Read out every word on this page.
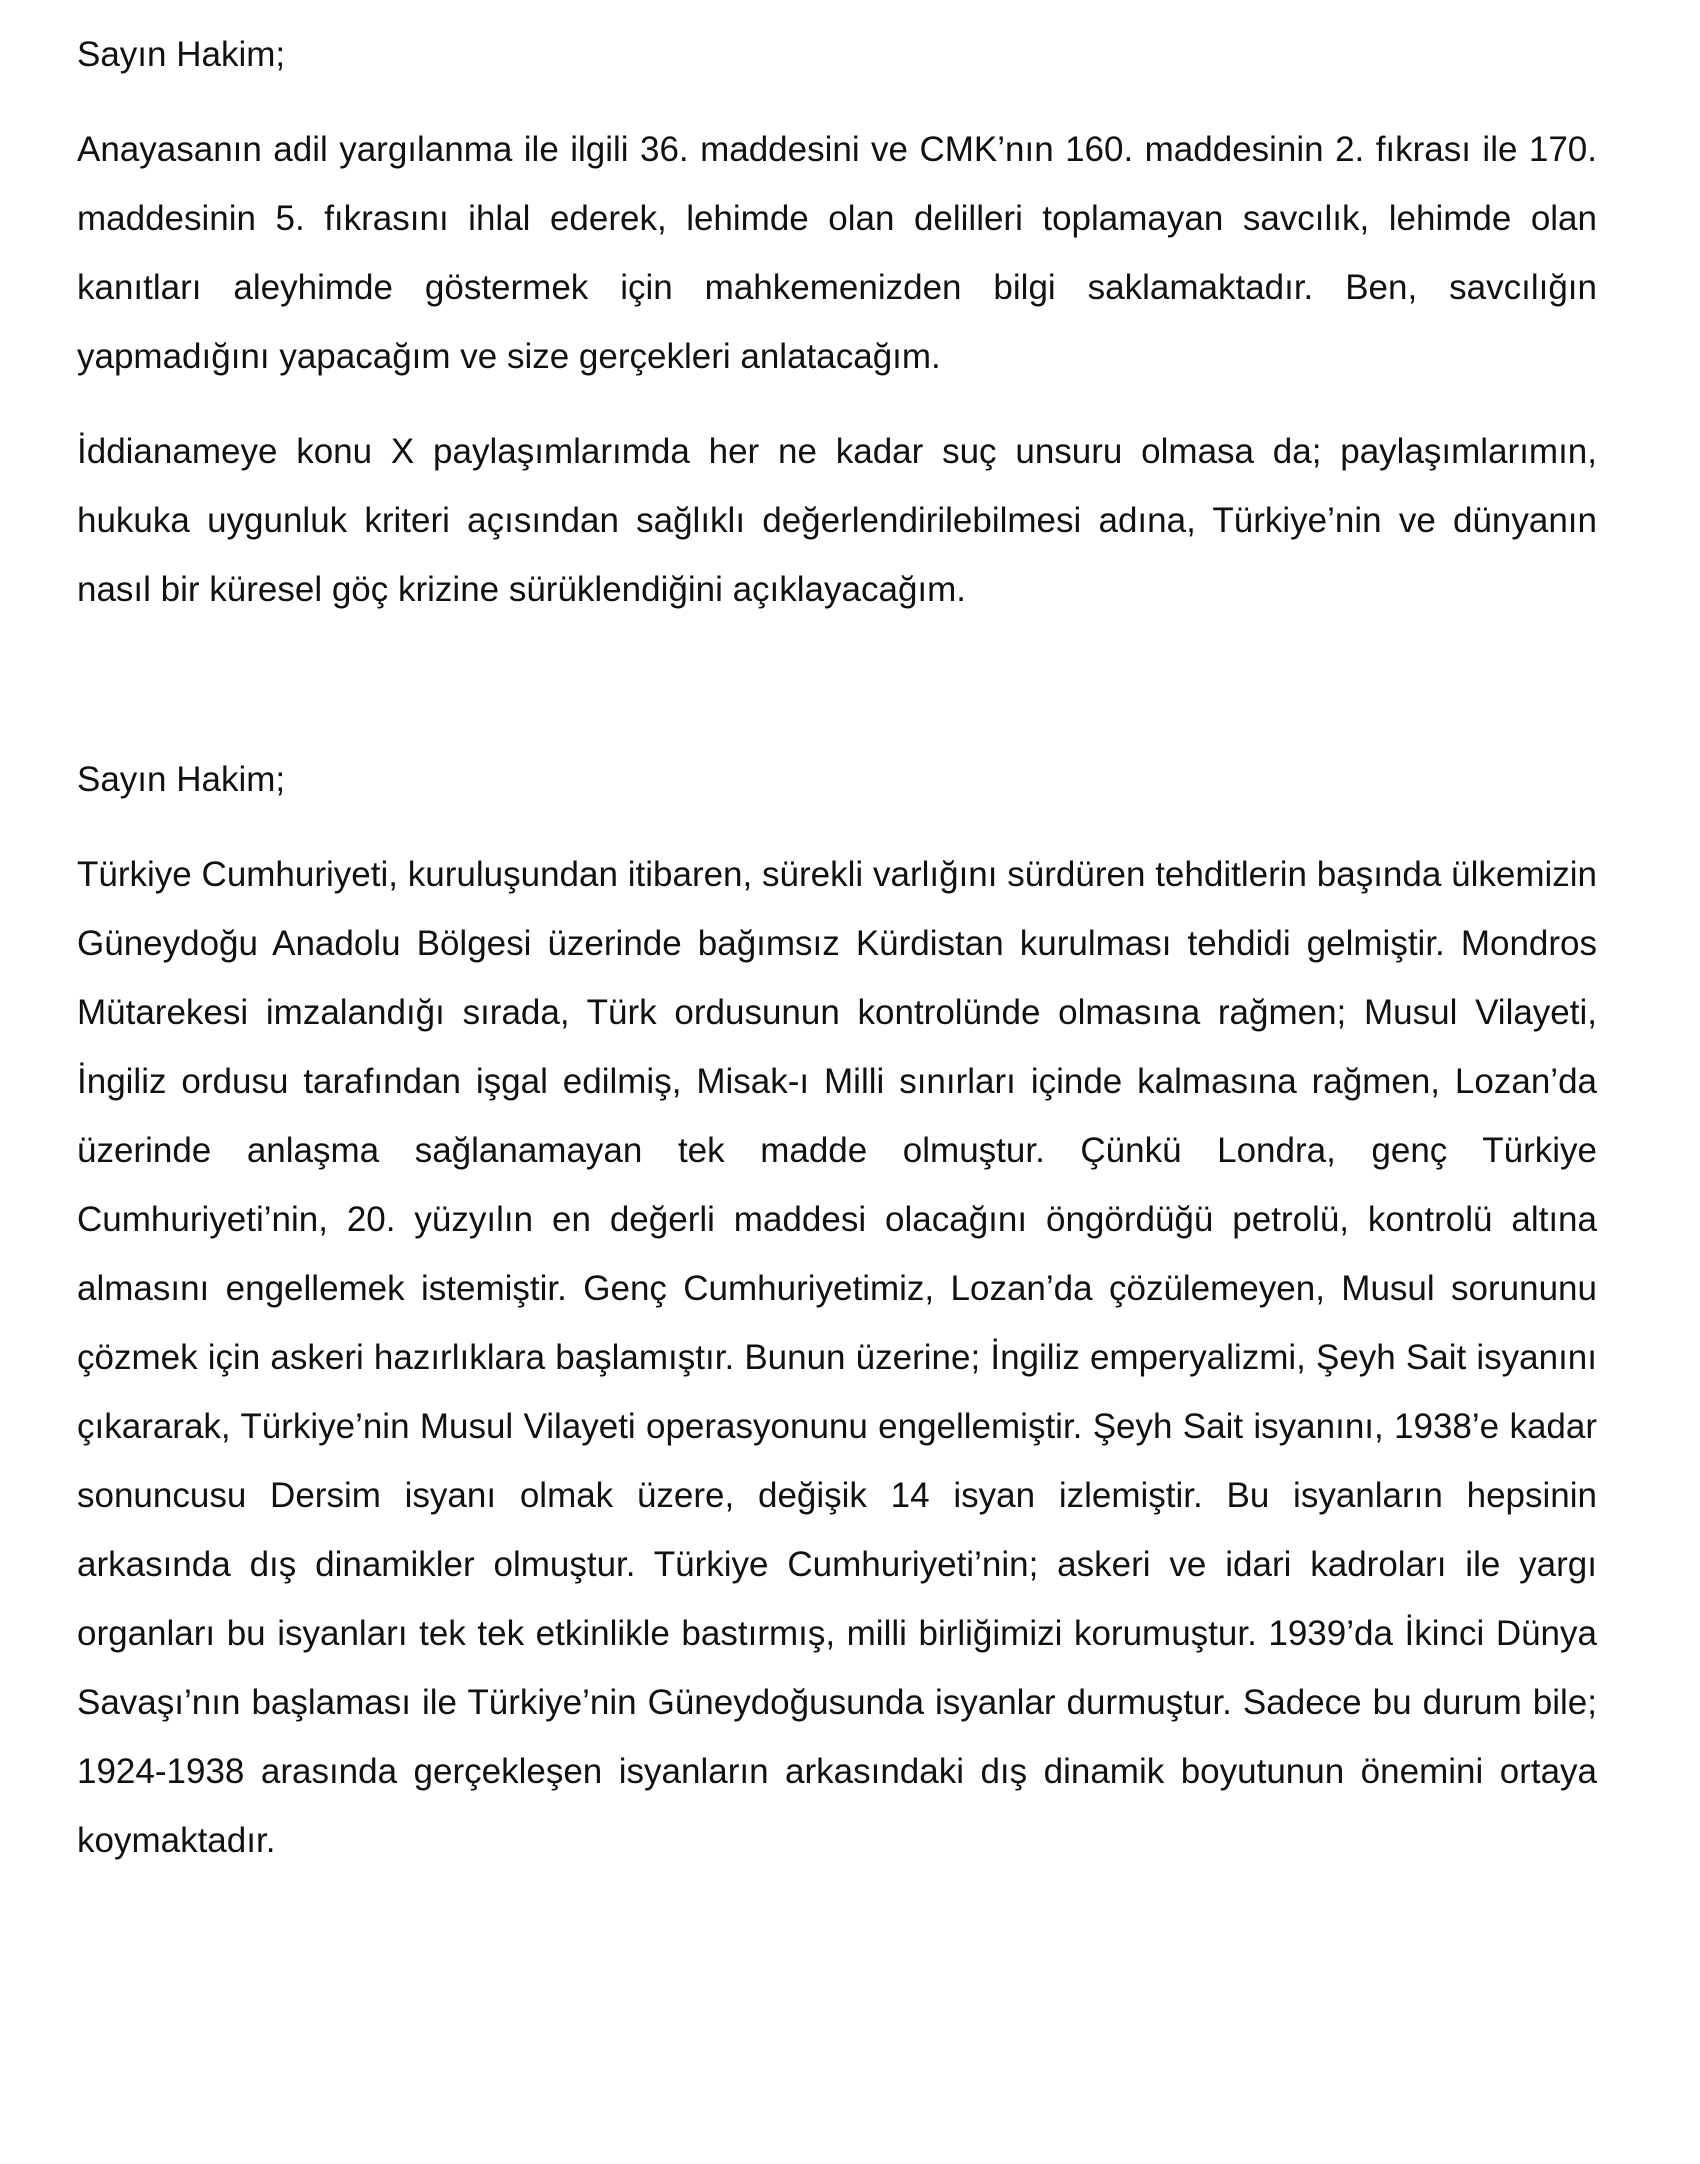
Sayın Hakim;

Anayasanın adil yargılanma ile ilgili 36. maddesini ve CMK’nın 160. maddesinin 2. fıkrası ile 170. maddesinin 5. fıkrasını ihlal ederek, lehimde olan delilleri toplamayan savcılık, lehimde olan kanıtları aleyhimde göstermek için mahkemenizden bilgi saklamaktadır. Ben, savcılığın yapmadığını yapacağım ve size gerçekleri anlatacağım.

İddianameye konu X paylaşımlarımda her ne kadar suç unsuru olmasa da; paylaşımlarımın, hukuka uygunluk kriteri açısından sağlıklı değerlendirilebilmesi adına, Türkiye’nin ve dünyanın nasıl bir küresel göç krizine sürüklendiğini açıklayacağım.

Sayın Hakim;

Türkiye Cumhuriyeti, kuruluşundan itibaren, sürekli varlığını sürdüren tehditlerin başında ülkemizin Güneydoğu Anadolu Bölgesi üzerinde bağımsız Kürdistan kurulması tehdidi gelmiştir. Mondros Mütarekesi imzalandığı sırada, Türk ordusunun kontrolünde olmasına rağmen; Musul Vilayeti, İngiliz ordusu tarafından işgal edilmiş, Misak-ı Milli sınırları içinde kalmasına rağmen, Lozan’da üzerinde anlaşma sağlanamayan tek madde olmuştur. Çünkü Londra, genç Türkiye Cumhuriyeti’nin, 20. yüzyılın en değerli maddesi olacağını öngördüğü petrolü, kontrolü altına almasını engellemek istemiştir. Genç Cumhuriyetimiz, Lozan’da çözülemeyen, Musul sorununu çözmek için askeri hazırlıklara başlamıştır. Bunun üzerine; İngiliz emperyalizmi, Şeyh Sait isyanını çıkararak, Türkiye’nin Musul Vilayeti operasyonunu engellemiştir. Şeyh Sait isyanını, 1938’e kadar sonuncusu Dersim isyanı olmak üzere, değişik 14 isyan izlemiştir. Bu isyanların hepsinin arkasında dış dinamikler olmuştur. Türkiye Cumhuriyeti’nin; askeri ve idari kadroları ile yargı organları bu isyanları tek tek etkinlikle bastırmış, milli birliğimizi korumuştur. 1939’da İkinci Dünya Savaşı’nın başlaması ile Türkiye’nin Güneydoğusunda isyanlar durmuştur. Sadece bu durum bile; 1924-1938 arasında gerçekleşen isyanların arkasındaki dış dinamik boyutunun önemini ortaya koymaktadır.
